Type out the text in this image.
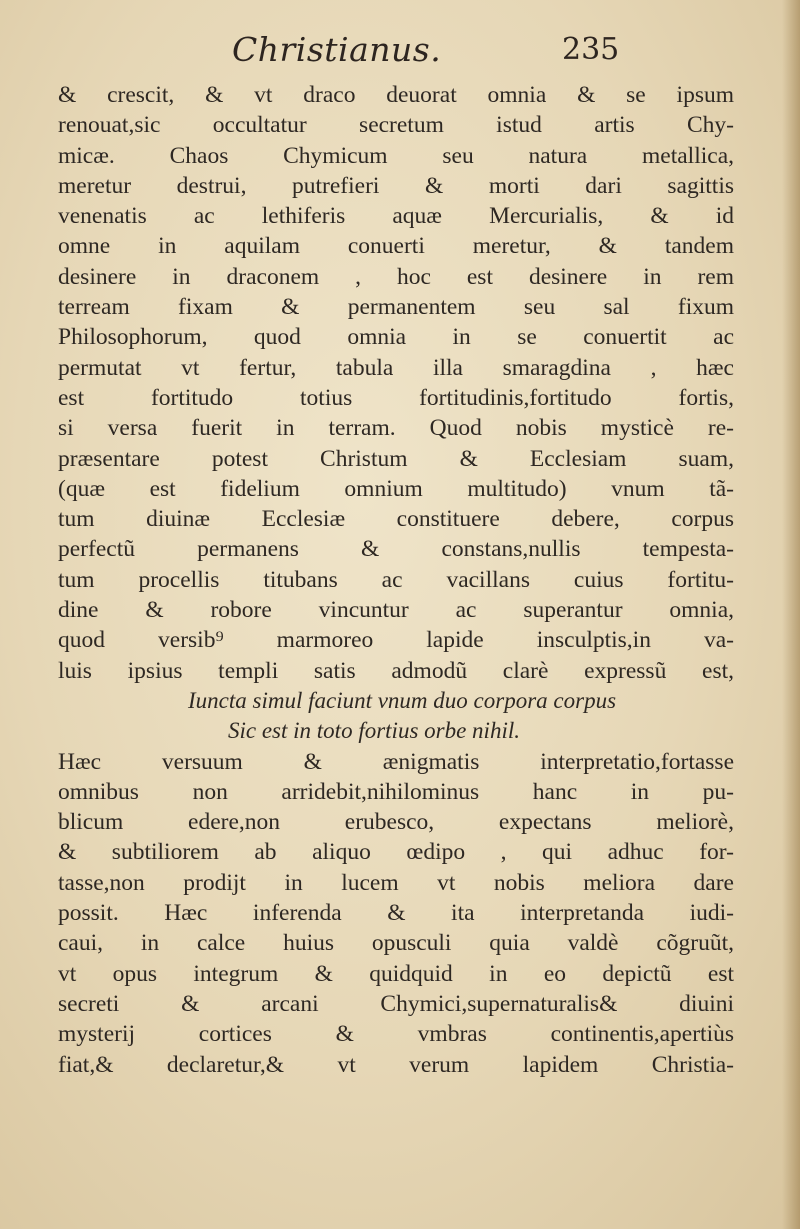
Christianus.	235
& crescit, & vt draco deuorat omnia & se ipsum
renouat,sic occultatur secretum istud artis Chy-
micæ. Chaos Chymicum seu natura metallica,
meretur destrui, putrefieri & morti dari sagittis
venenatis ac lethiferis aquæ Mercurialis, & id
omne in aquilam conuerti meretur, & tandem
desinere in draconem , hoc est desinere in rem
terream fixam & permanentem seu sal fixum
Philosophorum, quod omnia in se conuertit ac
permutat vt fertur, tabula illa smaragdina , hæc
est fortitudo totius fortitudinis,fortitudo fortis,
si versa fuerit in terram. Quod nobis mysticè re-
præsentare potest Christum & Ecclesiam suam,
(quæ est fidelium omnium multitudo) vnum tã-
tum diuinæ Ecclesiæ constituere debere, corpus
perfectũ permanens & constans,nullis tempesta-
tum procellis titubans ac vacillans cuius fortitu-
dine & robore vincuntur ac superantur omnia,
quod versib⁹ marmoreo lapide insculptis,in va-
luis ipsius templi satis admodũ clarè expressũ est,
Iuncta simul faciunt vnum duo corpora corpus
Sic est in toto fortius orbe nihil.
Hæc versuum & ænigmatis interpretatio,fortasse
omnibus non arridebit,nihilominus hanc in pu-
blicum edere,non erubesco, expectans meliorè,
& subtiliorem ab aliquo œdipo , qui adhuc for-
tasse,non prodijt in lucem vt nobis meliora dare
possit. Hæc inferenda & ita interpretanda iudi-
caui, in calce huius opusculi quia valdè cõgruũt,
vt opus integrum & quidquid in eo depictũ est
secreti & arcani Chymici,supernaturalis& diuini
mysterij cortices & vmbras continentis,apertiùs
fiat,& declaretur,& vt verum lapidem Christia-
